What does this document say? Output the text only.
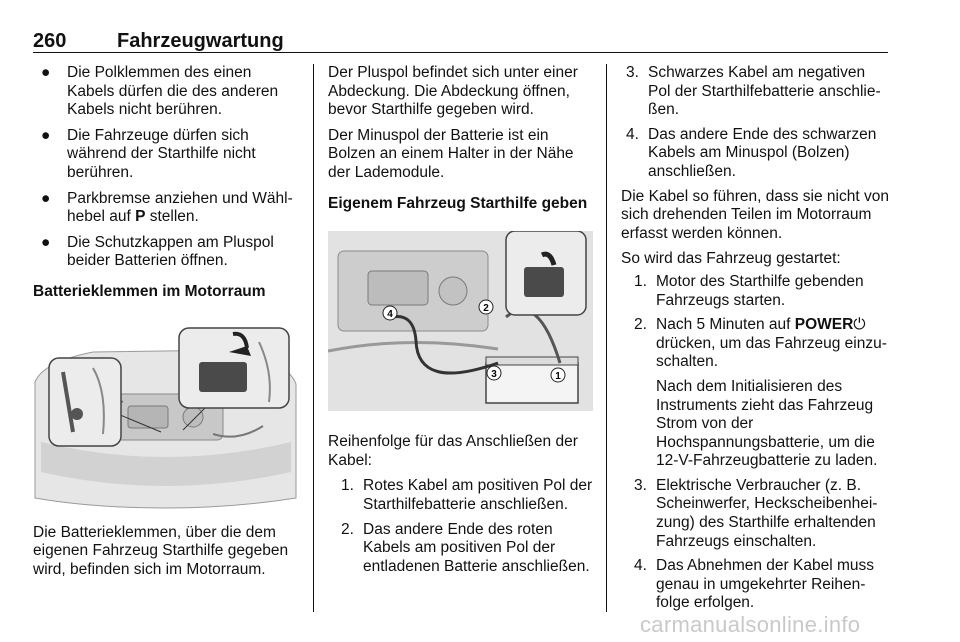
260	Fahrzeugwartung
● Die Polklemmen des einen Kabels dürfen die des anderen Kabels nicht berühren.
● Die Fahrzeuge dürfen sich während der Starthilfe nicht berühren.
● Parkbremse anziehen und Wählhebel auf P stellen.
● Die Schutzkappen am Pluspol beider Batterien öffnen.
Batterieklemmen im Motorraum
Die Batterieklemmen, über die dem eigenen Fahrzeug Starthilfe gegeben wird, befinden sich im Motorraum.
Der Pluspol befindet sich unter einer Abdeckung. Die Abdeckung öffnen, bevor Starthilfe gegeben wird.
Der Minuspol der Batterie ist ein Bolzen an einem Halter in der Nähe der Lademodule.
Eigenem Fahrzeug Starthilfe geben
1
2
3
4
Reihenfolge für das Anschließen der Kabel:
1. Rotes Kabel am positiven Pol der Starthilfebatterie anschließen.
2. Das andere Ende des roten Kabels am positiven Pol der entladenen Batterie anschließen.
3. Schwarzes Kabel am negativen Pol der Starthilfebatterie anschließen.
4. Das andere Ende des schwarzen Kabels am Minuspol (Bolzen) anschließen.
Die Kabel so führen, dass sie nicht von sich drehenden Teilen im Motorraum erfasst werden können.
So wird das Fahrzeug gestartet:
1. Motor des Starthilfe gebenden Fahrzeugs starten.
2. Nach 5 Minuten auf POWER⏻ drücken, um das Fahrzeug einzuschalten.
Nach dem Initialisieren des Instruments zieht das Fahrzeug Strom von der Hochspannungsbatterie, um die 12-V-Fahrzeugbatterie zu laden.
3. Elektrische Verbraucher (z. B. Scheinwerfer, Heckscheibenheizung) des Starthilfe erhaltenden Fahrzeugs einschalten.
4. Das Abnehmen der Kabel muss genau in umgekehrter Reihenfolge erfolgen.
carmanualsonline.info
